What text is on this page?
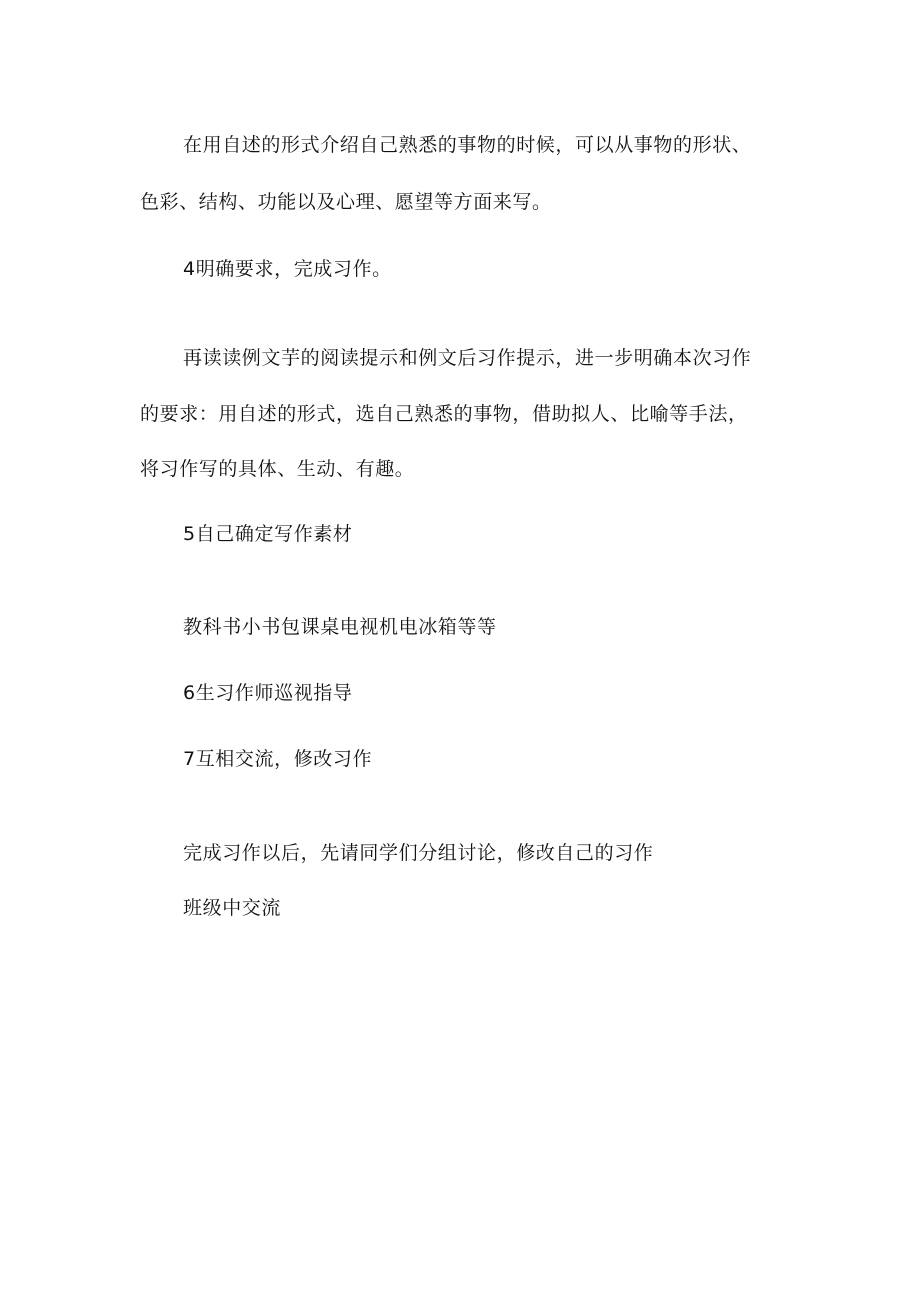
在用自述的形式介绍自己熟悉的事物的时候，可以从事物的形状、

色彩、结构、功能以及心理、愿望等方面来写。

4明确要求，完成习作。

再读读例文芋的阅读提示和例文后习作提示，进一步明确本次习作

的要求：用自述的形式，选自己熟悉的事物，借助拟人、比喻等手法，

将习作写的具体、生动、有趣。

5自己确定写作素材

教科书小书包课桌电视机电冰箱等等

6生习作师巡视指导

7互相交流，修改习作

完成习作以后，先请同学们分组讨论，修改自己的习作

班级中交流
